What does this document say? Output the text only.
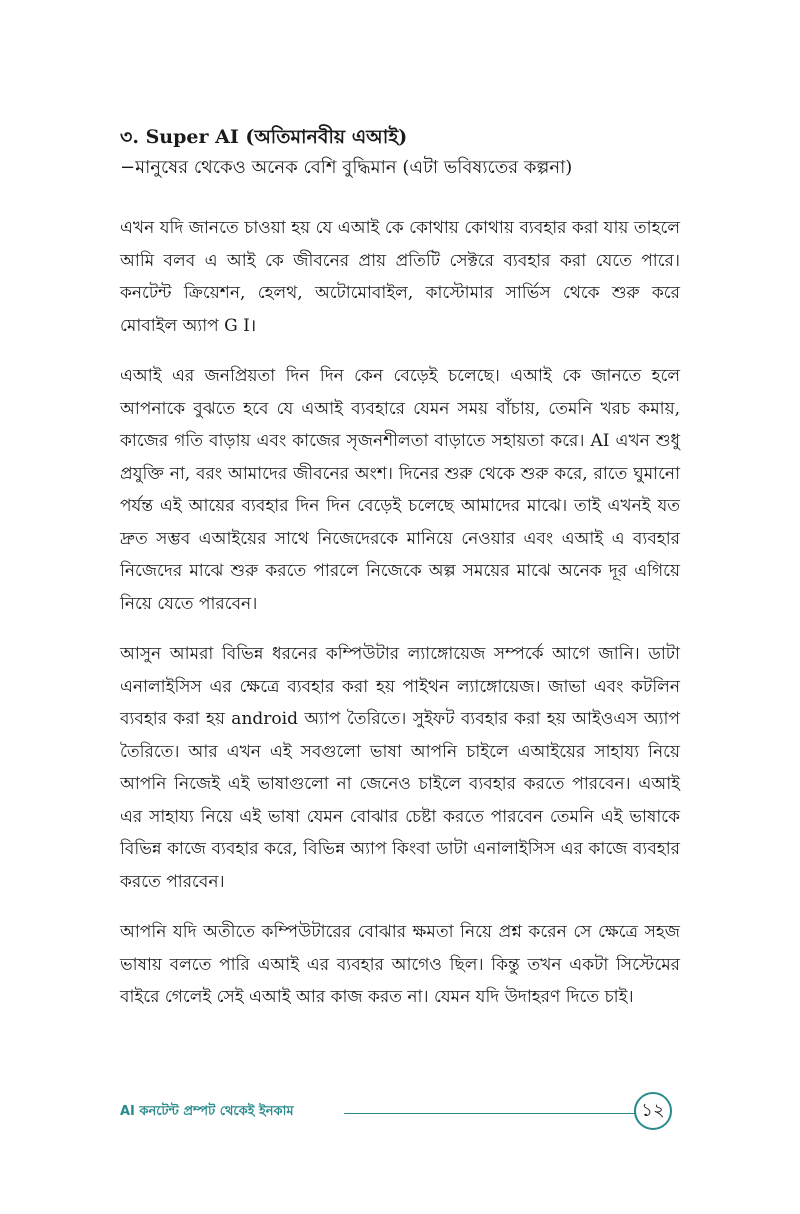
৩. Super AI (অতিমানবীয় এআই)

−মানুষের থেকেও অনেক বেশি বুদ্ধিমান (এটা ভবিষ্যতের কল্পনা)

এখন যদি জানতে চাওয়া হয় যে এআই কে কোথায় কোথায় ব্যবহার করা যায় তাহলে আমি বলব এ আই কে জীবনের প্রায় প্রতিটি সেক্টরে ব্যবহার করা যেতে পারে।কনটেন্ট ক্রিয়েশন, হেলথ, অটোমোবাইল, কাস্টোমার সার্ভিস থেকে শুরু করে মোবাইল অ্যাপ G I।

এআই এর জনপ্রিয়তা দিন দিন কেন বেড়েই চলেছে। এআই কে জানতে হলে আপনাকে বুঝতে হবে যে এআই ব্যবহারে যেমন সময় বাঁচায়, তেমনি খরচ কমায়, কাজের গতি বাড়ায় এবং কাজের সৃজনশীলতা বাড়াতে সহায়তা করে। AI এখন শুধু প্রযুক্তি না, বরং আমাদের জীবনের অংশ। দিনের শুরু থেকে শুরু করে, রাতে ঘুমানো পর্যন্ত এই আয়ের ব্যবহার দিন দিন বেড়েই চলেছে আমাদের মাঝে। তাই এখনই যত দ্রুত সম্ভব এআইয়ের সাথে নিজেদেরকে মানিয়ে নেওয়ার এবং এআই এ ব্যবহার নিজেদের মাঝে শুরু করতে পারলে নিজেকে অল্প সময়ের মাঝে অনেক দূর এগিয়ে নিয়ে যেতে পারবেন।

আসুন আমরা বিভিন্ন ধরনের কম্পিউটার ল্যাঙ্গোয়েজ সম্পর্কে আগে জানি। ডাটা এনালাইসিস এর ক্ষেত্রে ব্যবহার করা হয় পাইথন ল্যাঙ্গোয়েজ। জাভা এবং কটলিন ব্যবহার করা হয় android অ্যাপ তৈরিতে। সুইফট ব্যবহার করা হয় আইওএস অ্যাপ তৈরিতে। আর এখন এই সবগুলো ভাষা আপনি চাইলে এআইয়ের সাহায্য নিয়ে আপনি নিজেই এই ভাষাগুলো না জেনেও চাইলে ব্যবহার করতে পারবেন। এআই এর সাহায্য নিয়ে এই ভাষা যেমন বোঝার চেষ্টা করতে পারবেন তেমনি এই ভাষাকে বিভিন্ন কাজে ব্যবহার করে, বিভিন্ন অ্যাপ কিংবা ডাটা এনালাইসিস এর কাজে ব্যবহার করতে পারবেন।

আপনি যদি অতীতে কম্পিউটারের বোঝার ক্ষমতা নিয়ে প্রশ্ন করেন সে ক্ষেত্রে সহজ ভাষায় বলতে পারি এআই এর ব্যবহার আগেও ছিল। কিন্তু তখন একটা সিস্টেমের বাইরে গেলেই সেই এআই আর কাজ করত না। যেমন যদি উদাহরণ দিতে চাই।

AI কনটেন্ট প্রম্পট থেকেই ইনকাম	১২
